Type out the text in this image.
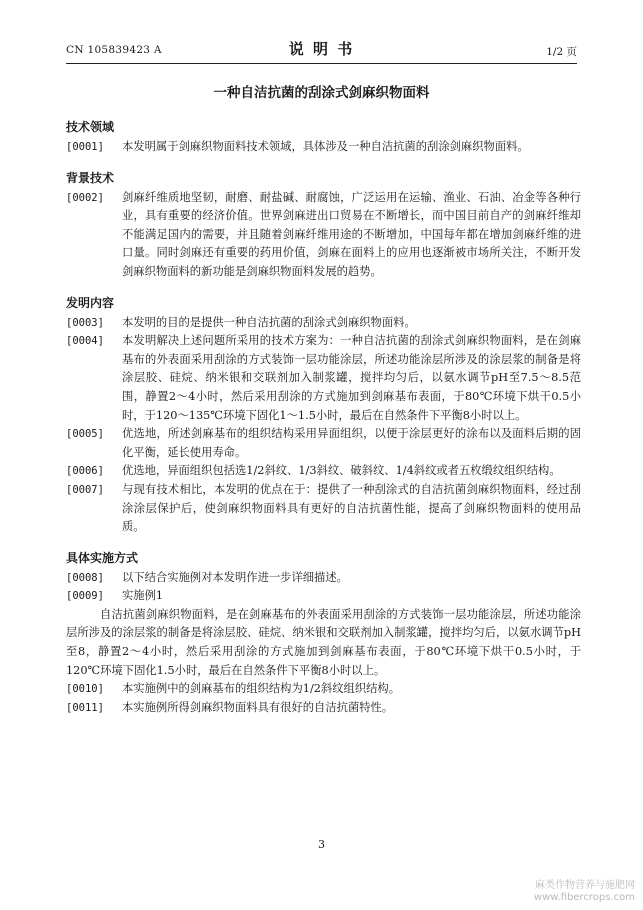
CN 105839423 A	说 明 书	1/2 页
一种自洁抗菌的刮涂式剑麻织物面料
技术领域
[0001]	本发明属于剑麻织物面料技术领域，具体涉及一种自洁抗菌的刮涂剑麻织物面料。
背景技术
[0002]	剑麻纤维质地坚韧，耐磨、耐盐碱、耐腐蚀，广泛运用在运输、渔业、石油、冶金等各种行业，具有重要的经济价值。世界剑麻进出口贸易在不断增长，而中国目前自产的剑麻纤维却不能满足国内的需要，并且随着剑麻纤维用途的不断增加，中国每年都在增加剑麻纤维的进口量。同时剑麻还有重要的药用价值，剑麻在面料上的应用也逐渐被市场所关注，不断开发剑麻织物面料的新功能是剑麻织物面料发展的趋势。
发明内容
[0003]	本发明的目的是提供一种自洁抗菌的刮涂式剑麻织物面料。
[0004]	本发明解决上述问题所采用的技术方案为：一种自洁抗菌的刮涂式剑麻织物面料，是在剑麻基布的外表面采用刮涂的方式装饰一层功能涂层，所述功能涂层所涉及的涂层浆的制备是将涂层胶、硅烷、纳米银和交联剂加入制浆罐，搅拌均匀后，以氨水调节pH至7.5～8.5范围，静置2～4小时，然后采用刮涂的方式施加到剑麻基布表面，于80℃环境下烘干0.5小时，于120～135℃环境下固化1～1.5小时，最后在自然条件下平衡8小时以上。
[0005]	优选地，所述剑麻基布的组织结构采用异面组织，以便于涂层更好的涂布以及面料后期的固化平衡，延长使用寿命。
[0006]	优选地，异面组织包括选1/2斜纹、1/3斜纹、破斜纹、1/4斜纹或者五枚缎纹组织结构。
[0007]	与现有技术相比，本发明的优点在于：提供了一种刮涂式的自洁抗菌剑麻织物面料，经过刮涂涂层保护后，使剑麻织物面料具有更好的自洁抗菌性能，提高了剑麻织物面料的使用品质。
具体实施方式
[0008]	以下结合实施例对本发明作进一步详细描述。
[0009]	实施例1
自洁抗菌剑麻织物面料，是在剑麻基布的外表面采用刮涂的方式装饰一层功能涂层，所述功能涂层所涉及的涂层浆的制备是将涂层胶、硅烷、纳米银和交联剂加入制浆罐，搅拌均匀后，以氨水调节pH至8，静置2～4小时，然后采用刮涂的方式施加到剑麻基布表面，于80℃环境下烘干0.5小时，于120℃环境下固化1.5小时，最后在自然条件下平衡8小时以上。
[0010]	本实施例中的剑麻基布的组织结构为1/2斜纹组织结构。
[0011]	本实施例所得剑麻织物面料具有很好的自洁抗菌特性。
3
麻类作物营养与施肥网
www.fibercrops.com
